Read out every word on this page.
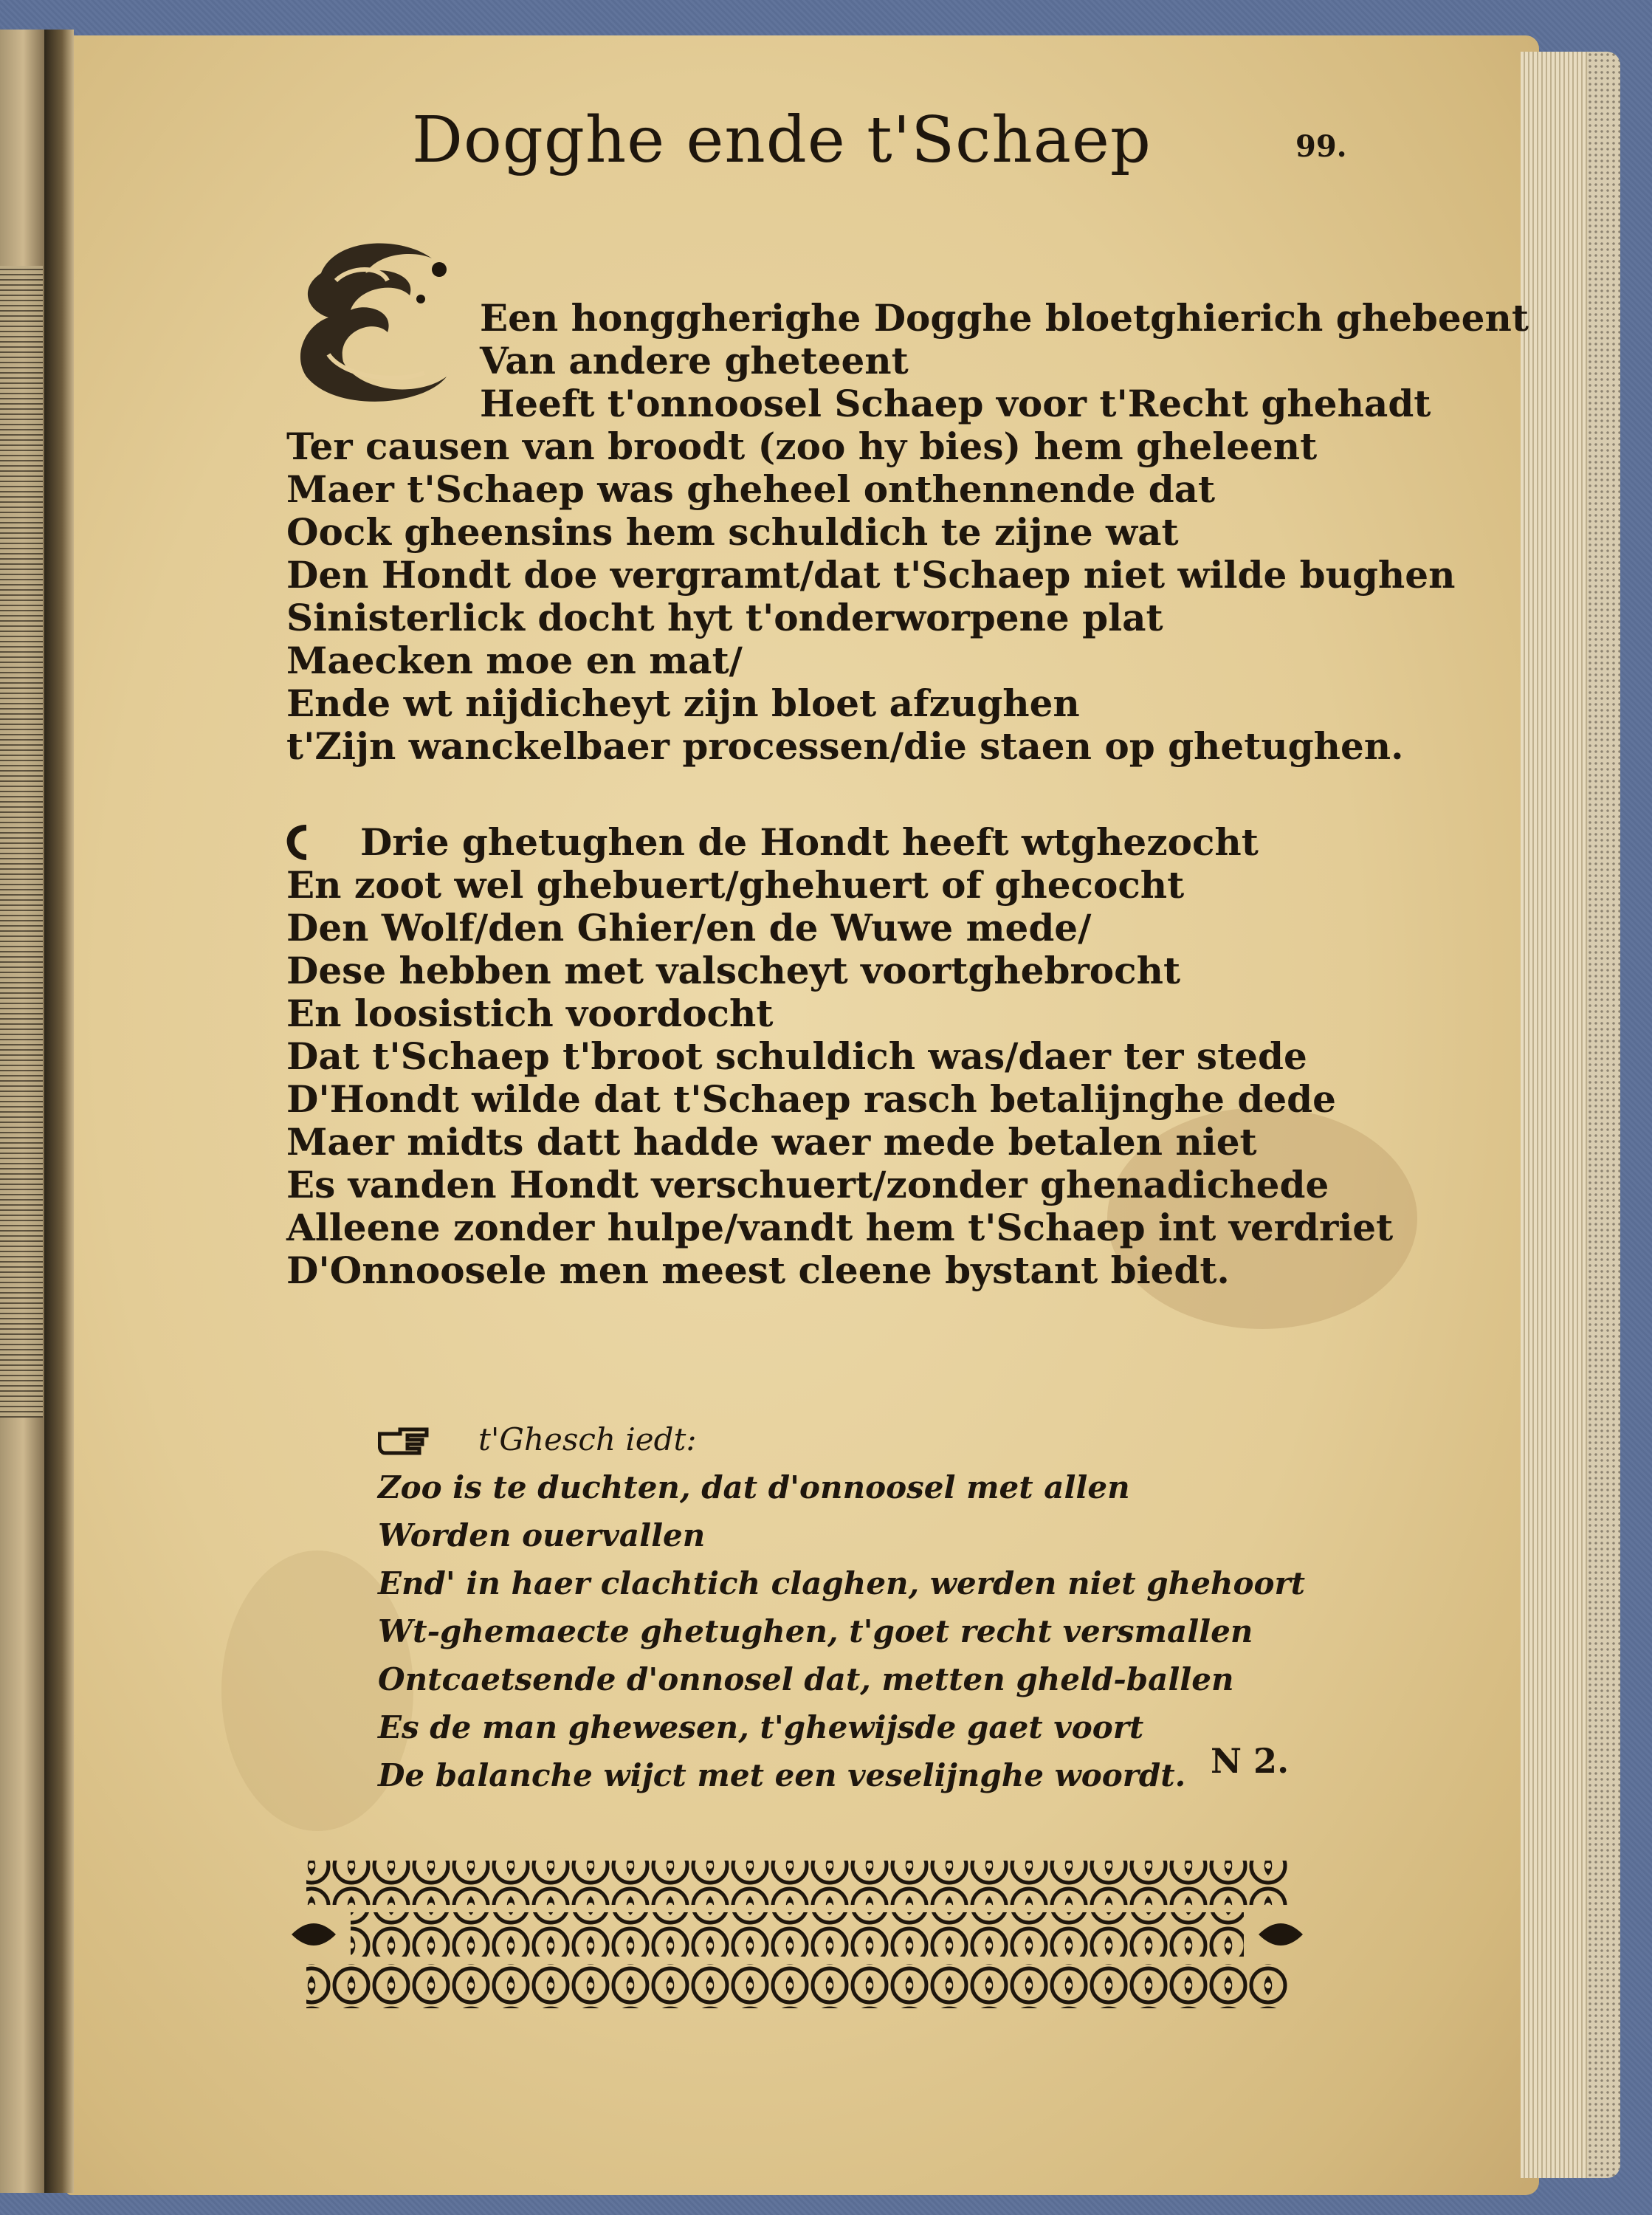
Dogghe ende t'Schaep	99.
Een honggherighe Dogghe bloetghierich ghebeent
Van andere gheteent
Heeft t'onnoosel Schaep voor t'Recht ghehadt
Ter causen van broodt (zoo hy bies) hem gheleent
Maer t'Schaep was gheheel onthennende dat
Oock gheensins hem schuldich te zijne wat
Den Hondt doe vergramt/dat t'Schaep niet wilde bughen
Sinisterlick docht hyt t'onderworpene plat
Maecken moe en mat/
Ende wt nijdicheyt zijn bloet afzughen
t'Zijn wanckelbaer processen/die staen op ghetughen.
Drie ghetughen de Hondt heeft wtghezocht
En zoot wel ghebuert/ghehuert of ghecocht
Den Wolf/den Ghier/en de Wuwe mede/
Dese hebben met valscheyt voortghebrocht
En loosistich voordocht
Dat t'Schaep t'broot schuldich was/daer ter stede
D'Hondt wilde dat t'Schaep rasch betalijnghe dede
Maer midts datt hadde waer mede betalen niet
Es vanden Hondt verschuert/zonder ghenadichede
Alleene zonder hulpe/vandt hem t'Schaep int verdriet
D'Onnoosele men meest cleene bystant biedt.
t'Ghesch iedt:
Zoo is te duchten, dat d'onnoosel met allen
Worden ouervallen
End' in haer clachtich claghen, werden niet ghehoort
Wt-ghemaecte ghetughen, t'goet recht versmallen
Ontcaetsende d'onnosel dat, metten gheld-ballen
Es de man ghewesen, t'ghewijsde gaet voort
De balanche wijct met een veselijnghe woordt. N 2.
